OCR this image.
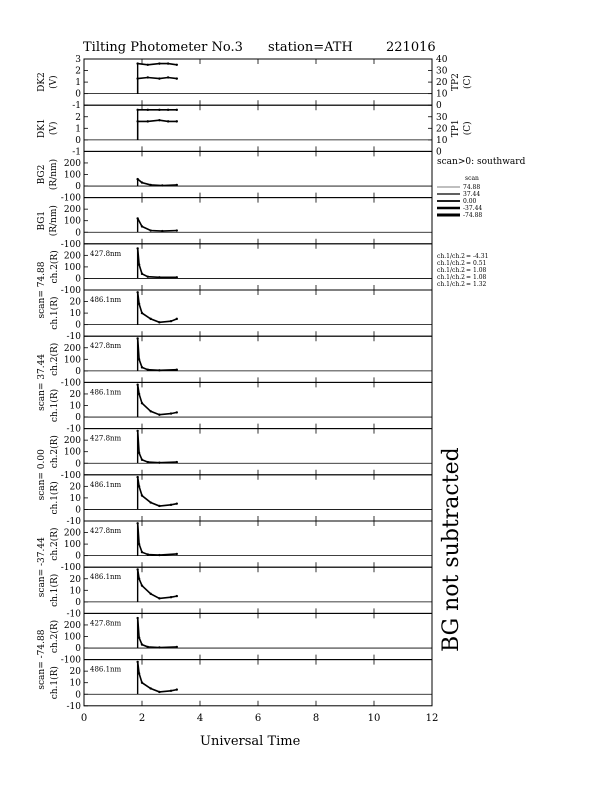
Tilting Photometer No.3 station=ATH	221016
3
2
1
0
-1
DK2 (V)
40
30
20
10
0
TP2 (C)
2
1
0
-1
DK1 (V)
30
20
10
0
TP1 (C)
200
100
0
-100
BG2 (R/nm)
200
100
0
-100
BG1 (R/nm)
200
100
0
-100
scan= 74.88 ch.2(R)	427.8nm
20
10
0
-10
ch.1(R)	486.1nm
200
100
0
-100
scan= 37.44 ch.2(R)	427.8nm
20
10
0
-10
ch.1(R)	486.1nm
200
100
0
-100
scan= 0.00 ch.2(R)	427.8nm
20
10
0
-10
ch.1(R)	486.1nm
200
100
0
-100
scan= -37.44 ch.2(R)	427.8nm
20
10
0
-10
ch.1(R)	486.1nm
200
100
0
-100
scan= -74.88 ch.2(R)	427.8nm
20
10
0
-10
ch.1(R)	486.1nm
scan>0: southward
scan
74.88
37.44
0.00
-37.44
-74.88
ch.1/ch.2 = -4.31
ch.1/ch.2 = 0.51
ch.1/ch.2 = 1.08
ch.1/ch.2 = 1.08
ch.1/ch.2 = 1.32
BG not subtracted
Universal Time
0	2	4	6	8	10	12
